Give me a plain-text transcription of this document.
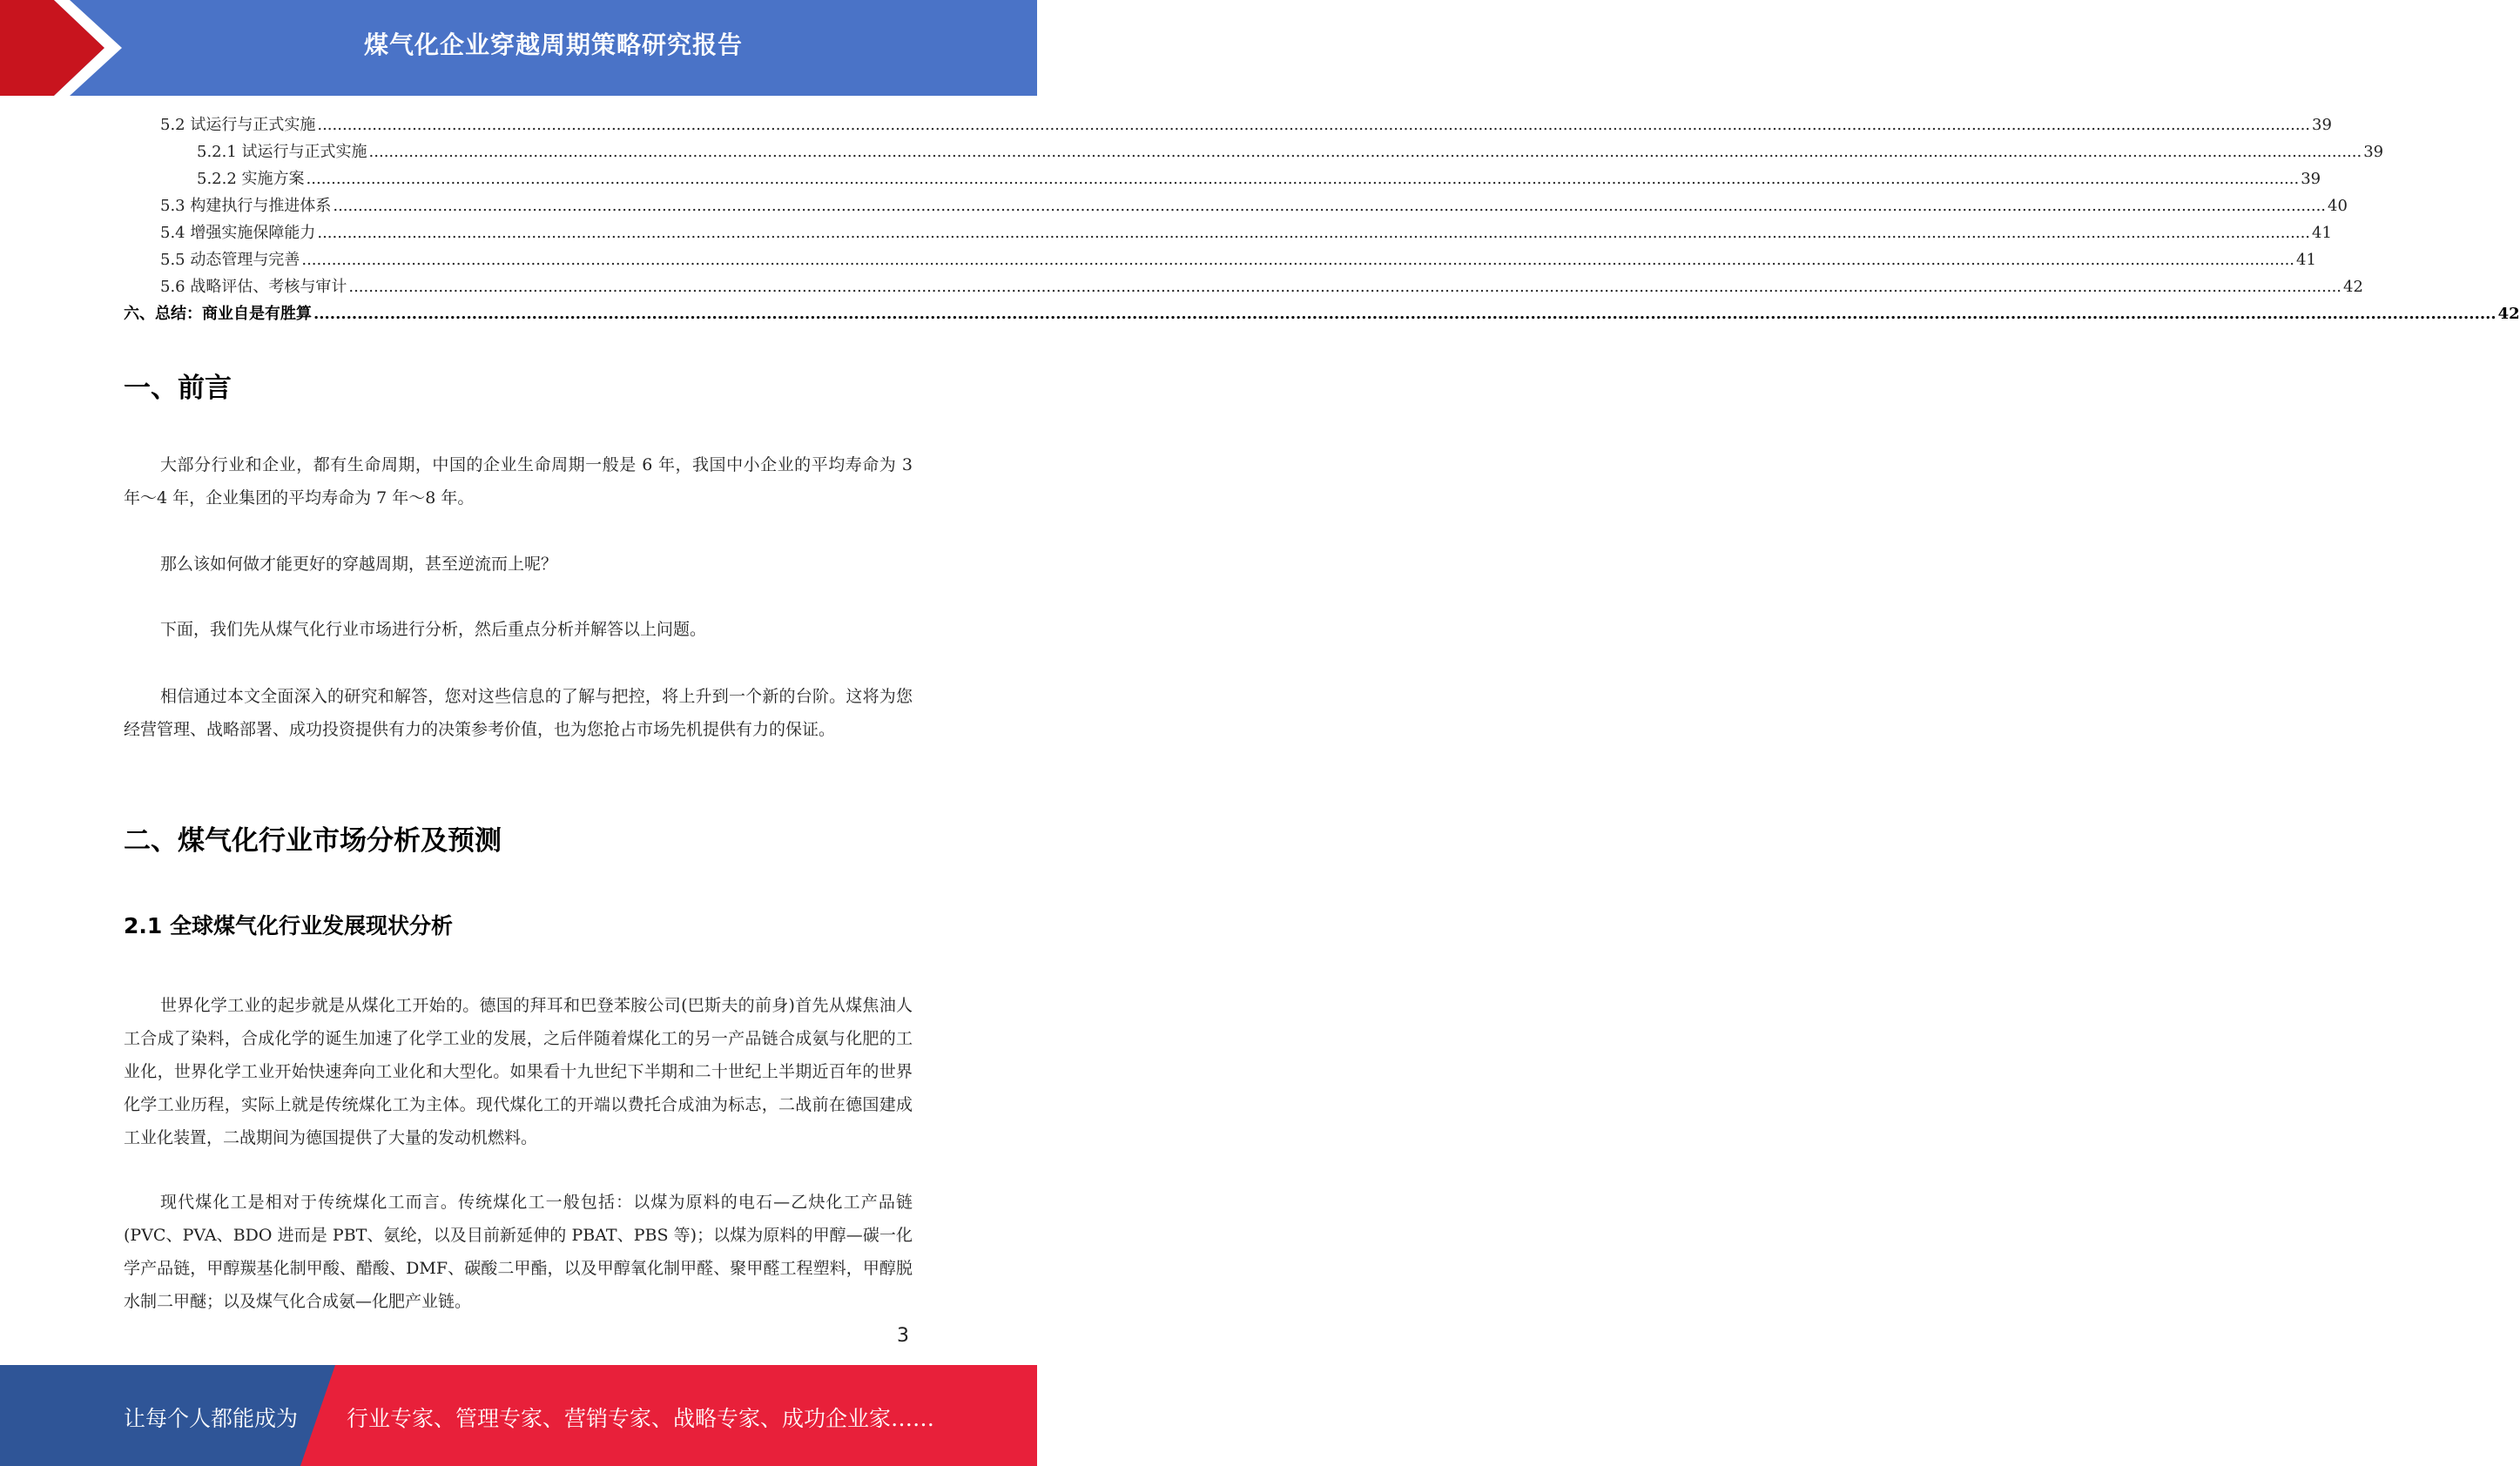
煤气化企业穿越周期策略研究报告
5.2 试运行与正式实施 ................................................................................................................................................................................................................................................................................................................................................................................................................ 39
5.2.1 试运行与正式实施 ................................................................................................................................................................................................................................................................................................................................................................................................................ 39
5.2.2 实施方案 ................................................................................................................................................................................................................................................................................................................................................................................................................ 39
5.3 构建执行与推进体系 ................................................................................................................................................................................................................................................................................................................................................................................................................ 40
5.4 增强实施保障能力 ................................................................................................................................................................................................................................................................................................................................................................................................................ 41
5.5 动态管理与完善 ................................................................................................................................................................................................................................................................................................................................................................................................................ 41
5.6 战略评估、考核与审计 ................................................................................................................................................................................................................................................................................................................................................................................................................ 42
六、总结：商业自是有胜算 ................................................................................................................................................................................................................................................................................................................................................................................................................ 42
一、前言

大部分行业和企业，都有生命周期，中国的企业生命周期一般是 6 年，我国中小企业的平均寿命为 3 年～4 年，企业集团的平均寿命为 7 年～8 年。

那么该如何做才能更好的穿越周期，甚至逆流而上呢？

下面，我们先从煤气化行业市场进行分析，然后重点分析并解答以上问题。

相信通过本文全面深入的研究和解答，您对这些信息的了解与把控，将上升到一个新的台阶。这将为您经营管理、战略部署、成功投资提供有力的决策参考价值，也为您抢占市场先机提供有力的保证。

二、煤气化行业市场分析及预测
2.1 全球煤气化行业发展现状分析

世界化学工业的起步就是从煤化工开始的。德国的拜耳和巴登苯胺公司(巴斯夫的前身)首先从煤焦油人工合成了染料，合成化学的诞生加速了化学工业的发展，之后伴随着煤化工的另一产品链合成氨与化肥的工业化，世界化学工业开始快速奔向工业化和大型化。如果看十九世纪下半期和二十世纪上半期近百年的世界化学工业历程，实际上就是传统煤化工为主体。现代煤化工的开端以费托合成油为标志，二战前在德国建成工业化装置，二战期间为德国提供了大量的发动机燃料。

现代煤化工是相对于传统煤化工而言。传统煤化工一般包括：以煤为原料的电石—乙炔化工产品链(PVC、PVA、BDO 进而是 PBT、氨纶，以及目前新延伸的 PBAT、PBS 等)；以煤为原料的甲醇—碳一化学产品链，甲醇羰基化制甲酸、醋酸、DMF、碳酸二甲酯，以及甲醇氧化制甲醛、聚甲醛工程塑料，甲醇脱水制二甲醚；以及煤气化合成氨—化肥产业链。

3
让每个人都能成为 行业专家、管理专家、营销专家、战略专家、成功企业家……
